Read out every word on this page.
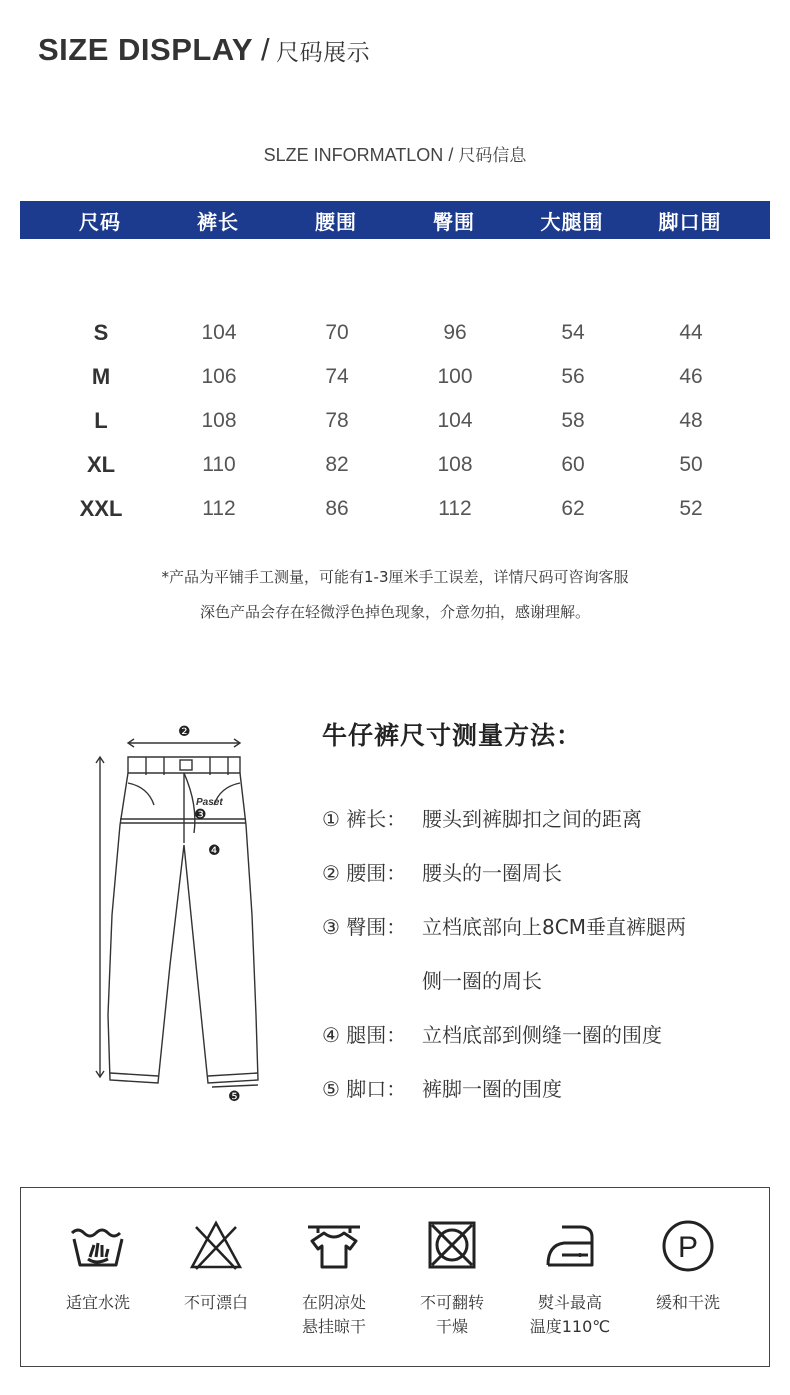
SIZE DISPLAY / 尺码展示
SLZE INFORMATLON / 尺码信息
尺码	裤长	腰围	臀围	大腿围	脚口围
S	104	70	96	54	44
M	106	74	100	56	46
L	108	78	104	58	48
XL	110	82	108	60	50
XXL	112	86	112	62	52
*产品为平铺手工测量，可能有1-3厘米手工误差，详情尺码可咨询客服
深色产品会存在轻微浮色掉色现象，介意勿拍，感谢理解。
Paset
❷
❸
❹
❺
牛仔裤尺寸测量方法：
① 裤长： 腰头到裤脚扣之间的距离
② 腰围： 腰头的一圈周长
③ 臀围： 立档底部向上8CM垂直裤腿两
侧一圈的周长
④ 腿围： 立档底部到侧缝一圈的围度
⑤ 脚口： 裤脚一圈的围度
适宜水洗	不可漂白	在阴凉处
悬挂晾干
不可翻转
干燥
熨斗最高
温度110℃
P
缓和干洗
